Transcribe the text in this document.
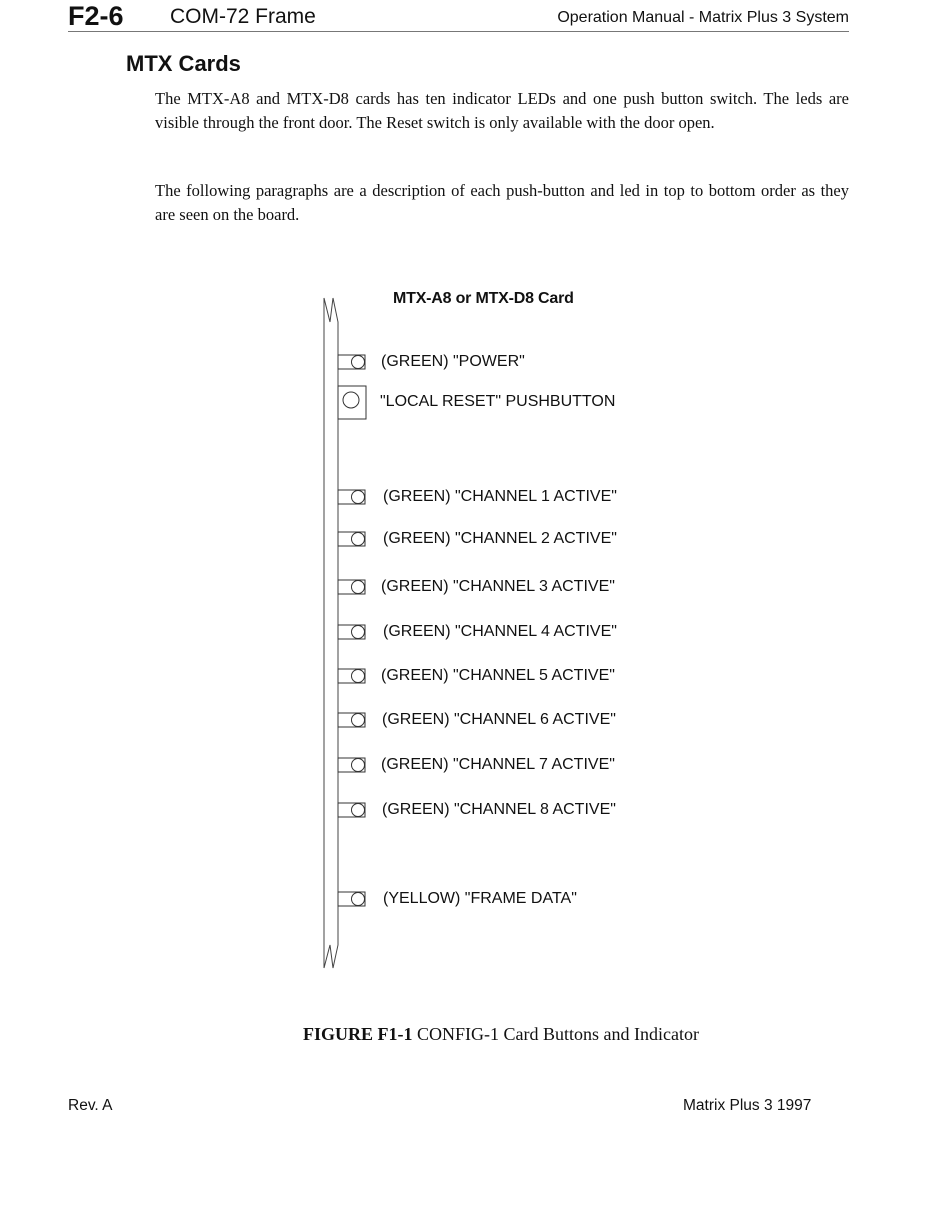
F2-6 COM-72 Frame	Operation Manual - Matrix Plus 3 System
MTX Cards

The MTX-A8 and MTX-D8 cards has ten indicator LEDs and one push button switch. The leds are visible through the front door. The Reset switch is only available with the door open.

The following paragraphs are a description of each push-button and led in top to bottom order as they are seen on the board.

MTX-A8 or MTX-D8 Card
(GREEN) "POWER"
"LOCAL RESET" PUSHBUTTON
(GREEN) "CHANNEL 1 ACTIVE"
(GREEN) "CHANNEL 2 ACTIVE"
(GREEN) "CHANNEL 3 ACTIVE"
(GREEN) "CHANNEL 4 ACTIVE"
(GREEN) "CHANNEL 5 ACTIVE"
(GREEN) "CHANNEL 6 ACTIVE"
(GREEN) "CHANNEL 7 ACTIVE"
(GREEN) "CHANNEL 8 ACTIVE"
(YELLOW) "FRAME DATA"
FIGURE F1-1 CONFIG-1 Card Buttons and Indicator
Rev. A	Matrix Plus 3 1997
